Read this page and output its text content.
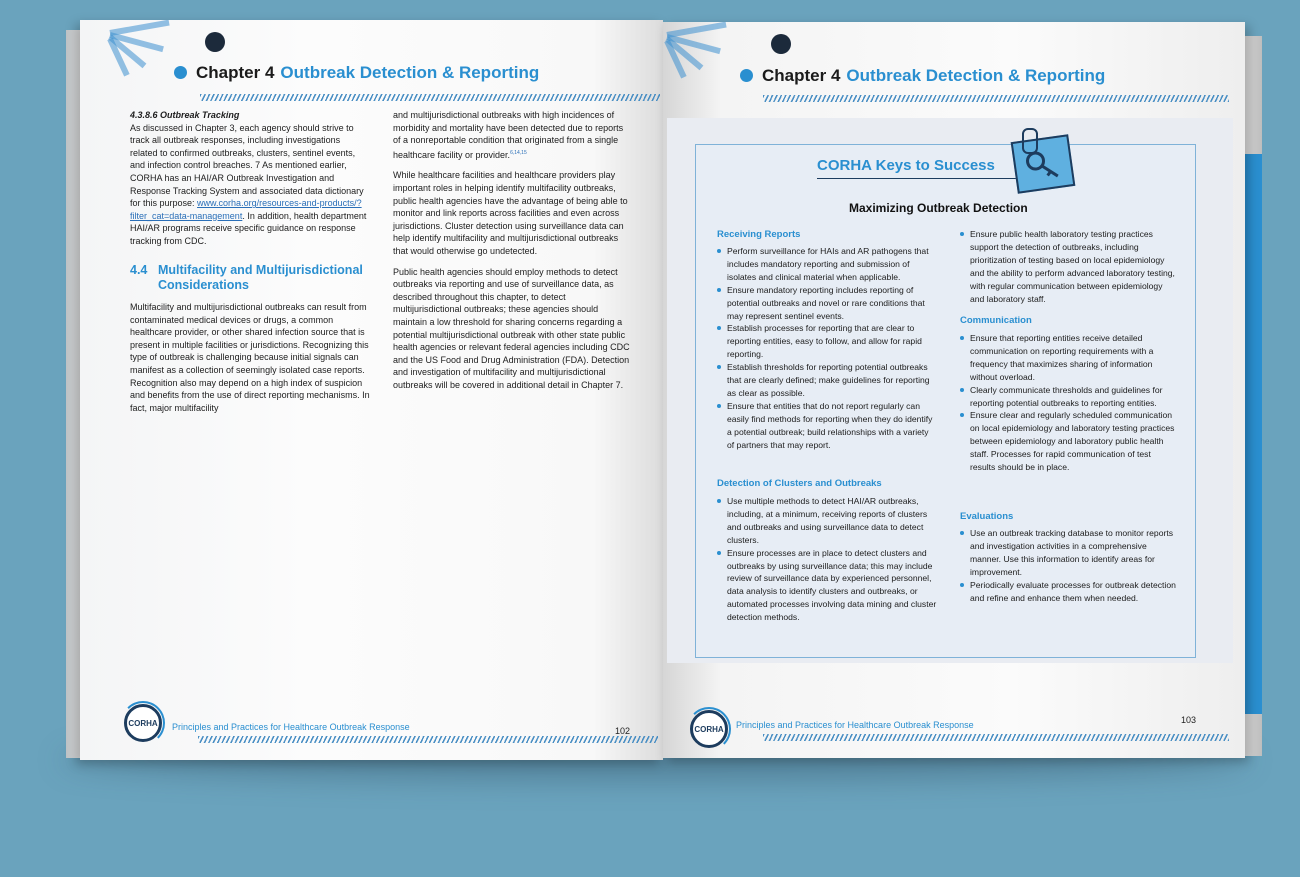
Chapter 4 Outbreak Detection & Reporting
4.3.8.6 Outbreak Tracking

As discussed in Chapter 3, each agency should strive to track all outbreak responses, including investigations related to confirmed outbreaks, clusters, sentinel events, and infection control breaches. 7 As mentioned earlier, CORHA has an HAI/AR Outbreak Investigation and Response Tracking System and associated data dictionary for this purpose: www.corha.org/resources-and-products/?filter_cat=data-management. In addition, health department HAI/AR programs receive specific guidance on response tracking from CDC.

4.4 Multifacility and Multijurisdictional Considerations

Multifacility and multijurisdictional outbreaks can result from contaminated medical devices or drugs, a common healthcare provider, or other shared infection source that is present in multiple facilities or jurisdictions. Recognizing this type of outbreak is challenging because initial signals can manifest as a collection of seemingly isolated case reports. Recognition also may depend on a high index of suspicion and benefits from the use of direct reporting mechanisms. In fact, major multifacility

and multijurisdictional outbreaks with high incidences of morbidity and mortality have been detected due to reports of a nonreportable condition that originated from a single healthcare facility or provider.$^{6,14,15}$

While healthcare facilities and healthcare providers play important roles in helping identify multifacility outbreaks, public health agencies have the advantage of being able to monitor and link reports across facilities and even across jurisdictions. Cluster detection using surveillance data can help identify multifacility and multijurisdictional outbreaks that would otherwise go undetected.

Public health agencies should employ methods to detect outbreaks via reporting and use of surveillance data, as described throughout this chapter, to detect multijurisdictional outbreaks; these agencies should maintain a low threshold for sharing concerns regarding a potential multijurisdictional outbreak with other state public health agencies or relevant federal agencies including CDC and the US Food and Drug Administration (FDA). Detection and investigation of multifacility and multijurisdictional outbreaks will be covered in additional detail in Chapter 7.

CORHA	Principles and Practices for Healthcare Outbreak Response	102
Chapter 4 Outbreak Detection & Reporting
CORHA	Principles and Practices for Healthcare Outbreak Response	103
CORHA Keys to Success
Maximizing Outbreak Detection
Receiving Reports
Perform surveillance for HAIs and AR pathogens that includes mandatory reporting and submission of isolates and clinical material when applicable.
Ensure mandatory reporting includes reporting of potential outbreaks and novel or rare conditions that may represent sentinel events.
Establish processes for reporting that are clear to reporting entities, easy to follow, and allow for rapid reporting.
Establish thresholds for reporting potential outbreaks that are clearly defined; make guidelines for reporting as clear as possible.
Ensure that entities that do not report regularly can easily find methods for reporting when they do identify a potential outbreak; build relationships with a variety of partners that may report.
Detection of Clusters and Outbreaks
Use multiple methods to detect HAI/AR outbreaks, including, at a minimum, receiving reports of clusters and outbreaks and using surveillance data to detect clusters.
Ensure processes are in place to detect clusters and outbreaks by using surveillance data; this may include review of surveillance data by experienced personnel, data analysis to identify clusters and outbreaks, or automated processes involving data mining and cluster detection methods.
Ensure public health laboratory testing practices support the detection of outbreaks, including prioritization of testing based on local epidemiology and the ability to perform advanced laboratory testing, with regular communication between epidemiology and laboratory staff.
Communication
Ensure that reporting entities receive detailed communication on reporting requirements with a frequency that maximizes sharing of information without overload.
Clearly communicate thresholds and guidelines for reporting potential outbreaks to reporting entities.
Ensure clear and regularly scheduled communication on local epidemiology and laboratory testing practices between epidemiology and laboratory public health staff. Processes for rapid communication of test results should be in place.
Evaluations
Use an outbreak tracking database to monitor reports and investigation activities in a comprehensive manner. Use this information to identify areas for improvement.
Periodically evaluate processes for outbreak detection and refine and enhance them when needed.
